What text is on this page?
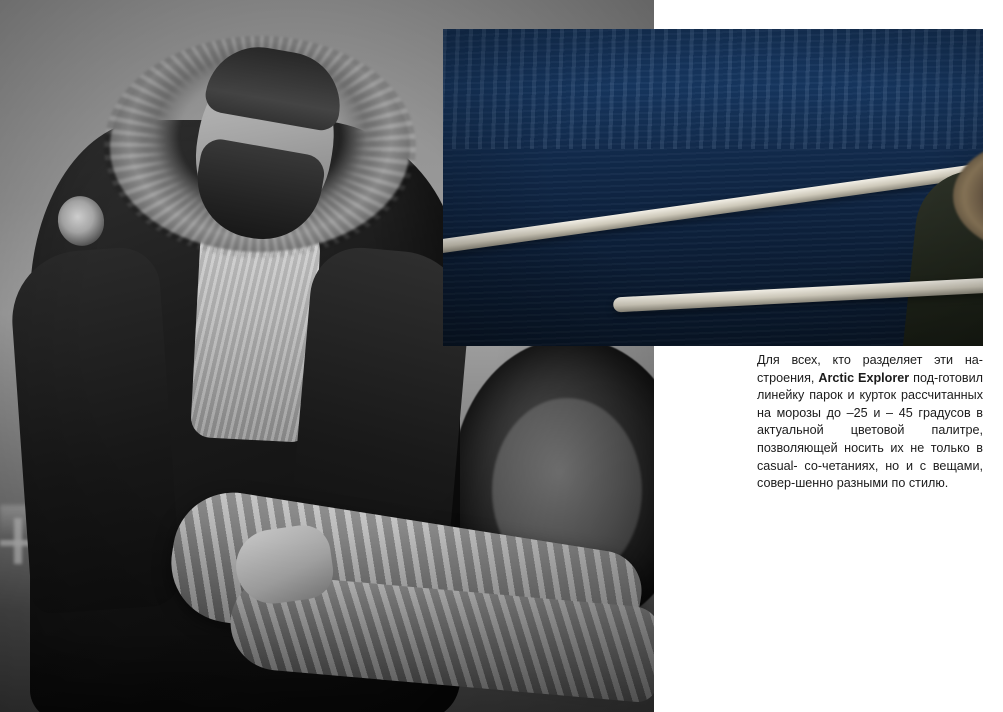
Для всех, кто разделяет эти на-строения, Arctic Explorer под-готовил линейку парок и курток рассчитанных на морозы до –25 и – 45 градусов в актуальной цветовой палитре, позволяющей носить их не только в casual- со-четаниях, но и с вещами, совер-шенно разными по стилю.
